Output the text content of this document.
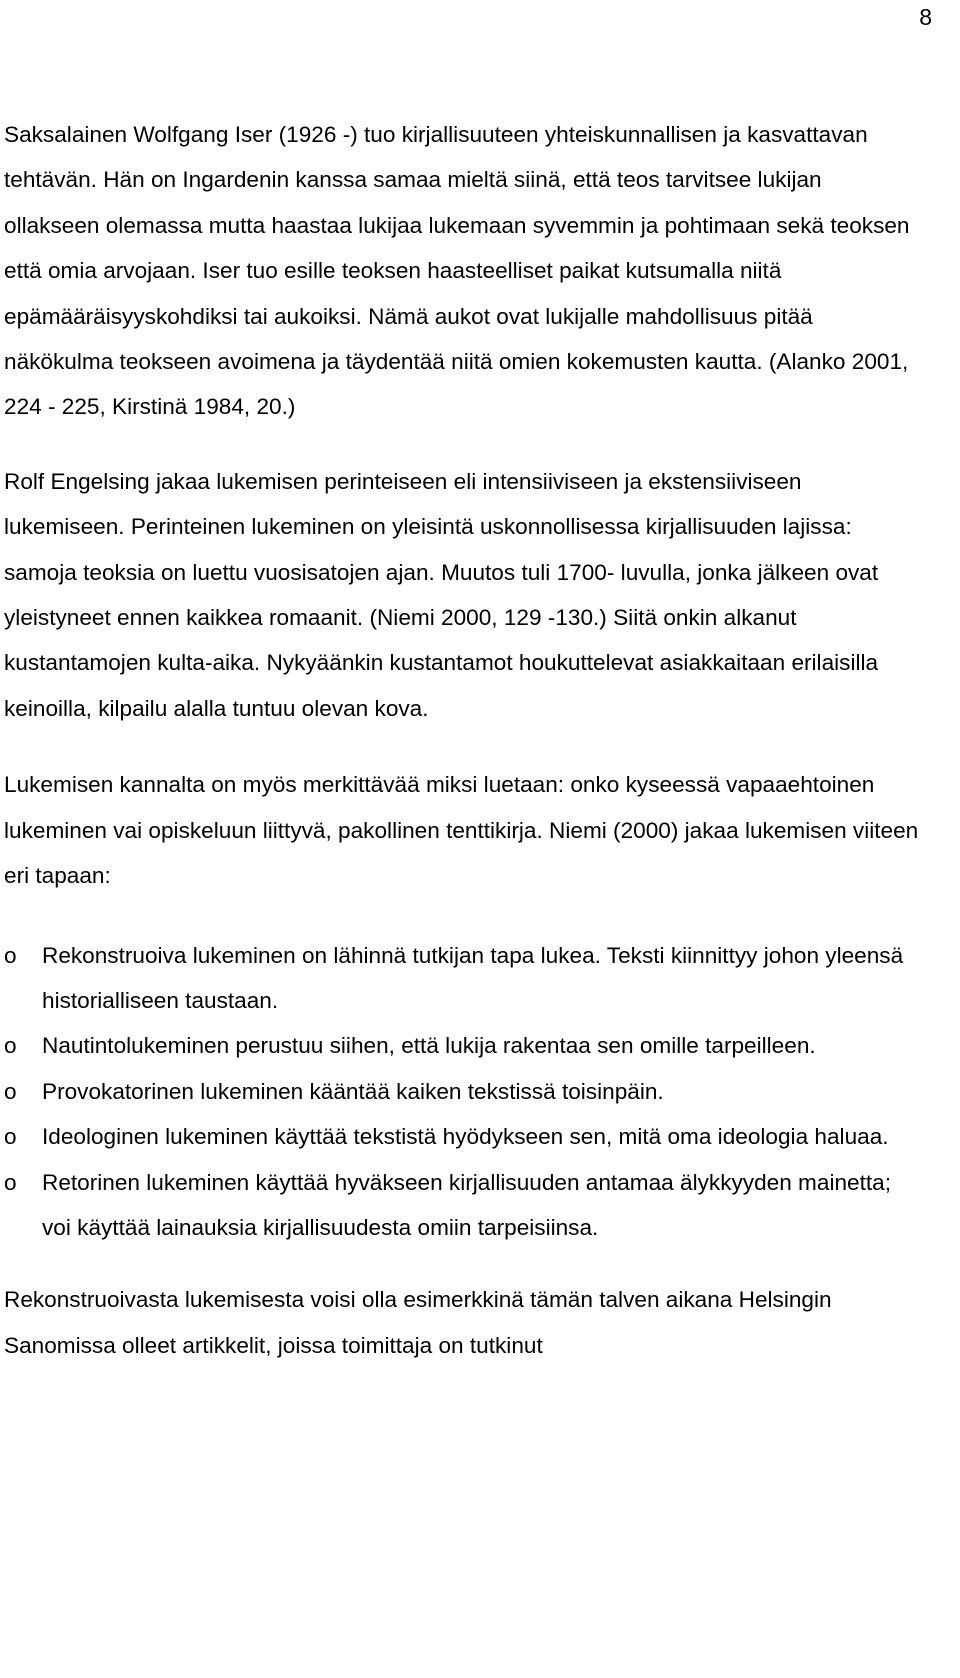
8

Saksalainen Wolfgang Iser (1926 -) tuo kirjallisuuteen yhteiskunnallisen ja kasvattavan tehtävän. Hän on Ingardenin kanssa samaa mieltä siinä, että teos tarvitsee lukijan ollakseen olemassa mutta haastaa lukijaa lukemaan syvemmin ja pohtimaan sekä teoksen että omia arvojaan. Iser tuo esille teoksen haasteelliset paikat kutsumalla niitä epämääräisyyskohdiksi tai aukoiksi. Nämä aukot ovat lukijalle mahdollisuus pitää näkökulma teokseen avoimena ja täydentää niitä omien kokemusten kautta. (Alanko 2001, 224 - 225, Kirstinä 1984, 20.)

Rolf Engelsing jakaa lukemisen perinteiseen eli intensiiviseen ja ekstensiiviseen lukemiseen. Perinteinen lukeminen on yleisintä uskonnollisessa kirjallisuuden lajissa: samoja teoksia on luettu vuosisatojen ajan. Muutos tuli 1700- luvulla, jonka jälkeen ovat yleistyneet ennen kaikkea romaanit. (Niemi 2000, 129 -130.) Siitä onkin alkanut kustantamojen kulta-aika. Nykyäänkin kustantamot houkuttelevat asiakkaitaan erilaisilla keinoilla, kilpailu alalla tuntuu olevan kova.

Lukemisen kannalta on myös merkittävää miksi luetaan: onko kyseessä vapaaehtoinen lukeminen vai opiskeluun liittyvä, pakollinen tenttikirja. Niemi (2000) jakaa lukemisen viiteen eri tapaan:

o Rekonstruoiva lukeminen on lähinnä tutkijan tapa lukea. Teksti kiinnittyy johon yleensä historialliseen taustaan.
o Nautintolukeminen perustuu siihen, että lukija rakentaa sen omille tarpeilleen.
o Provokatorinen lukeminen kääntää kaiken tekstissä toisinpäin.
o Ideologinen lukeminen käyttää tekstistä hyödykseen sen, mitä oma ideologia haluaa.
o Retorinen lukeminen käyttää hyväkseen kirjallisuuden antamaa älykkyyden mainetta; voi käyttää lainauksia kirjallisuudesta omiin tarpeisiinsa.

Rekonstruoivasta lukemisesta voisi olla esimerkkinä tämän talven aikana Helsingin Sanomissa olleet artikkelit, joissa toimittaja on tutkinut
